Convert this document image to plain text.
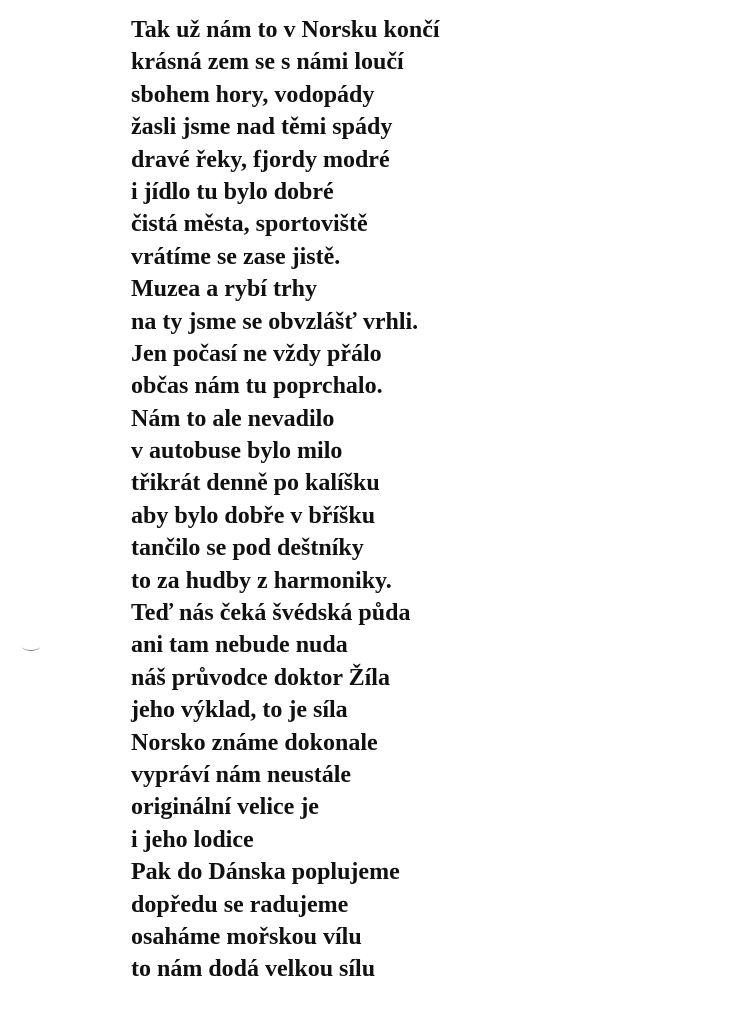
Tak už nám to v Norsku končí
krásná zem se s námi loučí
sbohem hory, vodopády
žasli jsme nad těmi spády
dravé řeky, fjordy modré
i jídlo tu bylo dobré
čistá města, sportoviště
vrátíme se zase jistě.
Muzea a rybí trhy
na ty jsme se obvzlášť vrhli.
Jen počasí ne vždy přálo
občas nám tu poprchalo.
Nám to ale nevadilo
v autobuse bylo milo
třikrát denně po kalíšku
aby bylo dobře v bříšku
tančilo se pod deštníky
to za hudby z harmoniky.
Teď nás čeká švédská půda
ani tam nebude nuda
náš průvodce doktor Žíla
jeho výklad, to je síla
Norsko známe dokonale
vypráví nám neustále
originální velice je
i jeho lodice
Pak do Dánska poplujeme
dopředu se radujeme
osaháme mořskou vílu
to nám dodá velkou sílu
